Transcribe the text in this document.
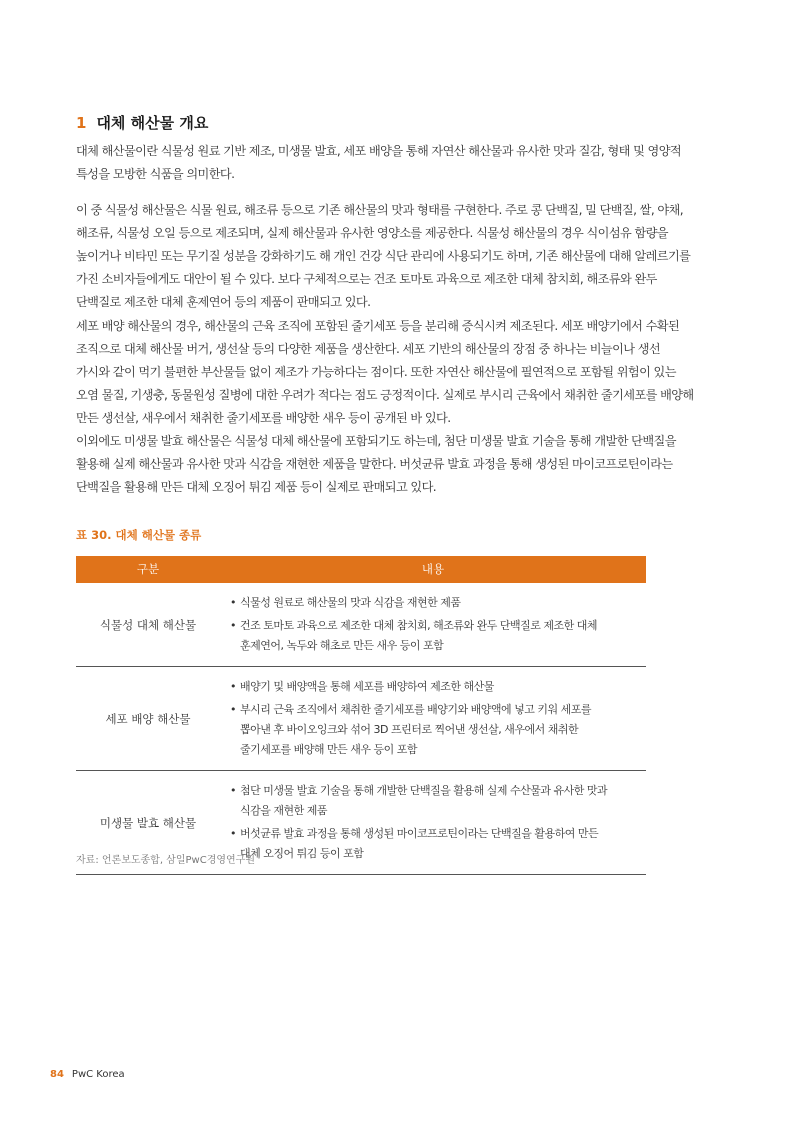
1 대체 해산물 개요
대체 해산물이란 식물성 원료 기반 제조, 미생물 발효, 세포 배양을 통해 자연산 해산물과 유사한 맛과 질감, 형태 및 영양적
특성을 모방한 식품을 의미한다.
이 중 식물성 해산물은 식물 원료, 해조류 등으로 기존 해산물의 맛과 형태를 구현한다. 주로 콩 단백질, 밀 단백질, 쌀, 야채,
해조류, 식물성 오일 등으로 제조되며, 실제 해산물과 유사한 영양소를 제공한다. 식물성 해산물의 경우 식이섬유 함량을
높이거나 비타민 또는 무기질 성분을 강화하기도 해 개인 건강 식단 관리에 사용되기도 하며, 기존 해산물에 대해 알레르기를
가진 소비자들에게도 대안이 될 수 있다. 보다 구체적으로는 건조 토마토 과육으로 제조한 대체 참치회, 해조류와 완두
단백질로 제조한 대체 훈제연어 등의 제품이 판매되고 있다.
세포 배양 해산물의 경우, 해산물의 근육 조직에 포함된 줄기세포 등을 분리해 증식시켜 제조된다. 세포 배양기에서 수확된
조직으로 대체 해산물 버거, 생선살 등의 다양한 제품을 생산한다. 세포 기반의 해산물의 장점 중 하나는 비늘이나 생선
가시와 같이 먹기 불편한 부산물들 없이 제조가 가능하다는 점이다. 또한 자연산 해산물에 필연적으로 포함될 위험이 있는
오염 물질, 기생충, 동물원성 질병에 대한 우려가 적다는 점도 긍정적이다. 실제로 부시리 근육에서 채취한 줄기세포를 배양해
만든 생선살, 새우에서 채취한 줄기세포를 배양한 새우 등이 공개된 바 있다.
이외에도 미생물 발효 해산물은 식물성 대체 해산물에 포함되기도 하는데, 첨단 미생물 발효 기술을 통해 개발한 단백질을
활용해 실제 해산물과 유사한 맛과 식감을 재현한 제품을 말한다. 버섯균류 발효 과정을 통해 생성된 마이코프로틴이라는
단백질을 활용해 만든 대체 오징어 튀김 제품 등이 실제로 판매되고 있다.
표 30. 대체 해산물 종류
구분	내용
식물성 대체 해산물
• 식물성 원료로 해산물의 맛과 식감을 재현한 제품
• 건조 토마토 과육으로 제조한 대체 참치회, 해조류와 완두 단백질로 제조한 대체
훈제연어, 녹두와 해초로 만든 새우 등이 포함
세포 배양 해산물
• 배양기 및 배양액을 통해 세포를 배양하여 제조한 해산물
• 부시리 근육 조직에서 채취한 줄기세포를 배양기와 배양액에 넣고 키워 세포를
뽑아낸 후 바이오잉크와 섞어 3D 프린터로 찍어낸 생선살, 새우에서 채취한
줄기세포를 배양해 만든 새우 등이 포함
미생물 발효 해산물
• 첨단 미생물 발효 기술을 통해 개발한 단백질을 활용해 실제 수산물과 유사한 맛과
식감을 재현한 제품
• 버섯균류 발효 과정을 통해 생성된 마이코프로틴이라는 단백질을 활용하여 만든
대체 오징어 튀김 등이 포함
자료: 언론보도종합, 삼일PwC경영연구원
84 PwC Korea
